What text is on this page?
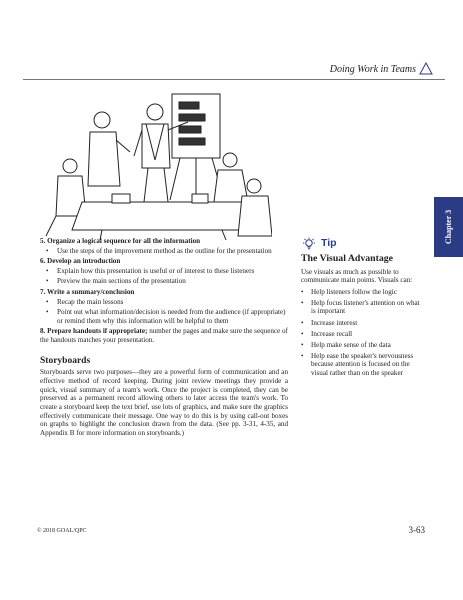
Doing Work in Teams
5. Organize a logical sequence for all the information
• Use the steps of the improvement method as the outline for the presentation
6. Develop an introduction
• Explain how this presentation is useful or of interest to these listeners
• Preview the main sections of the presentation
7. Write a summary/conclusion
• Recap the main lessons
• Point out what information/decision is needed from the audience (if appropriate) or remind them why this information will be helpful to them
8. Prepare handouts if appropriate; number the pages and make sure the sequence of the handouts matches your presentation.
Storyboards
Storyboards serve two purposes—they are a powerful form of communication and an effective method of record keeping. During joint review meetings they provide a quick, visual summary of a team's work. Once the project is completed, they can be preserved as a permanent record allowing others to later access the team's work. To create a storyboard keep the text brief, use lots of graphics, and make sure the graphics effectively communicate their message. One way to do this is by using call-out boxes on graphs to highlight the conclusion drawn from the data. (See pp. 3-31, 4-35, and Appendix B for more information on storyboards.)
Tip
The Visual Advantage
Use visuals as much as possible to communicate main points. Visuals can:
• Help listeners follow the logic
• Help focus listener's attention on what is important
• Increase interest
• Increase recall
• Help make sense of the data
• Help ease the speaker's nervousness because attention is focused on the visual rather than on the speaker
Chapter 3
© 2018 GOAL/QPC	3-63
